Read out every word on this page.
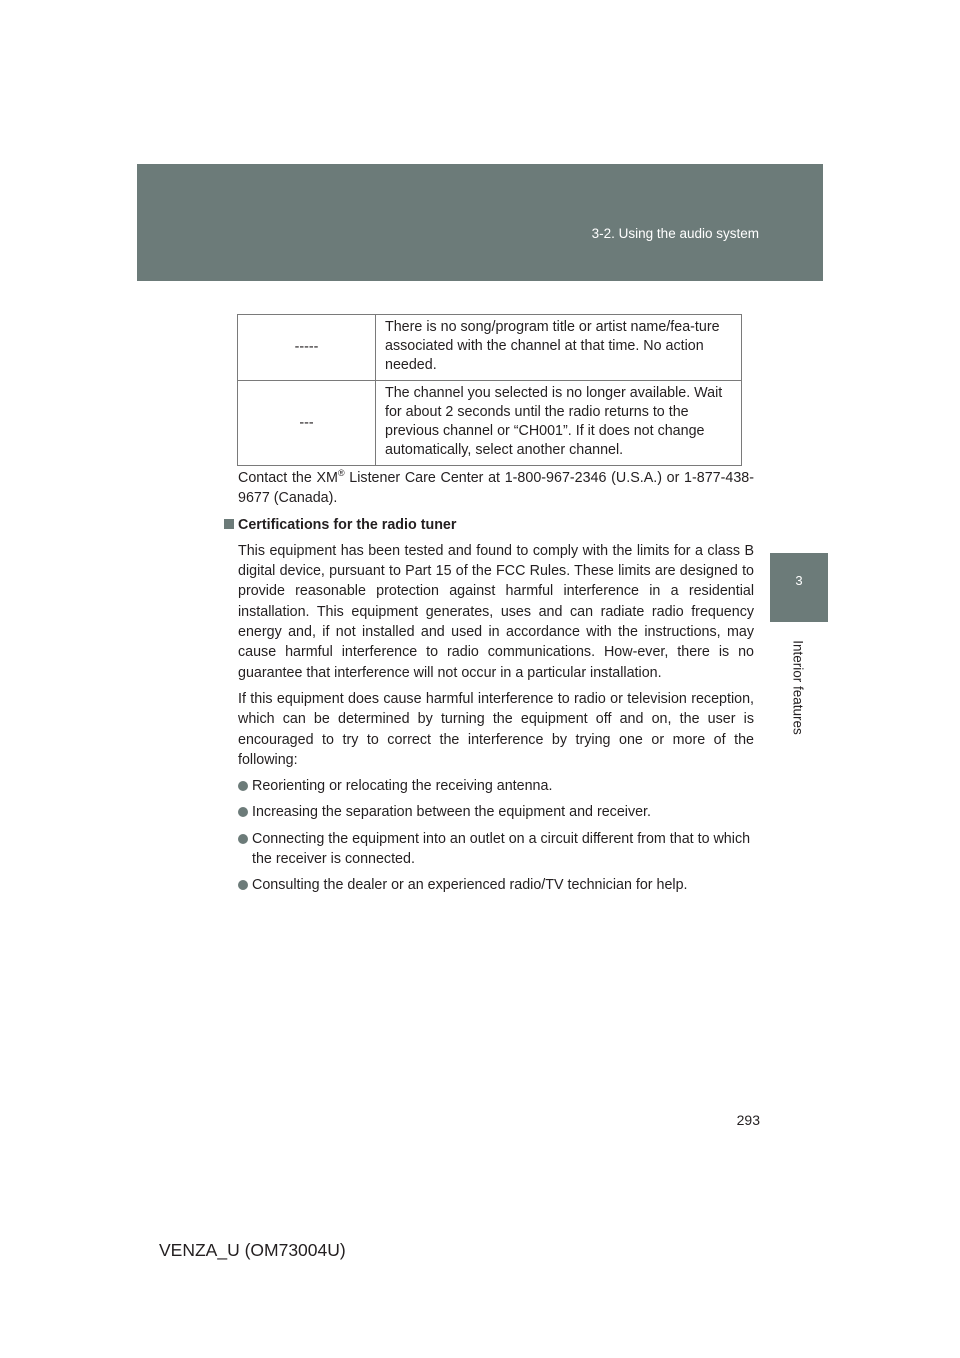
3-2. Using the audio system
3
Interior features
-----	There is no song/program title or artist name/fea-ture associated with the channel at that time. No action needed.
---	The channel you selected is no longer available. Wait for about 2 seconds until the radio returns to the previous channel or “CH001”. If it does not change automatically, select another channel.

Contact the XM® Listener Care Center at 1-800-967-2346 (U.S.A.) or 1-877-438-9677 (Canada).

Certifications for the radio tuner

This equipment has been tested and found to comply with the limits for a class B digital device, pursuant to Part 15 of the FCC Rules. These limits are designed to provide reasonable protection against harmful interference in a residential installation. This equipment generates, uses and can radiate radio frequency energy and, if not installed and used in accordance with the instructions, may cause harmful interference to radio communications. How-ever, there is no guarantee that interference will not occur in a particular installation.

If this equipment does cause harmful interference to radio or television reception, which can be determined by turning the equipment off and on, the user is encouraged to try to correct the interference by trying one or more of the following:

Reorienting or relocating the receiving antenna.

Increasing the separation between the equipment and receiver.

Connecting the equipment into an outlet on a circuit different from that to which the receiver is connected.

Consulting the dealer or an experienced radio/TV technician for help.

293
VENZA_U (OM73004U)
